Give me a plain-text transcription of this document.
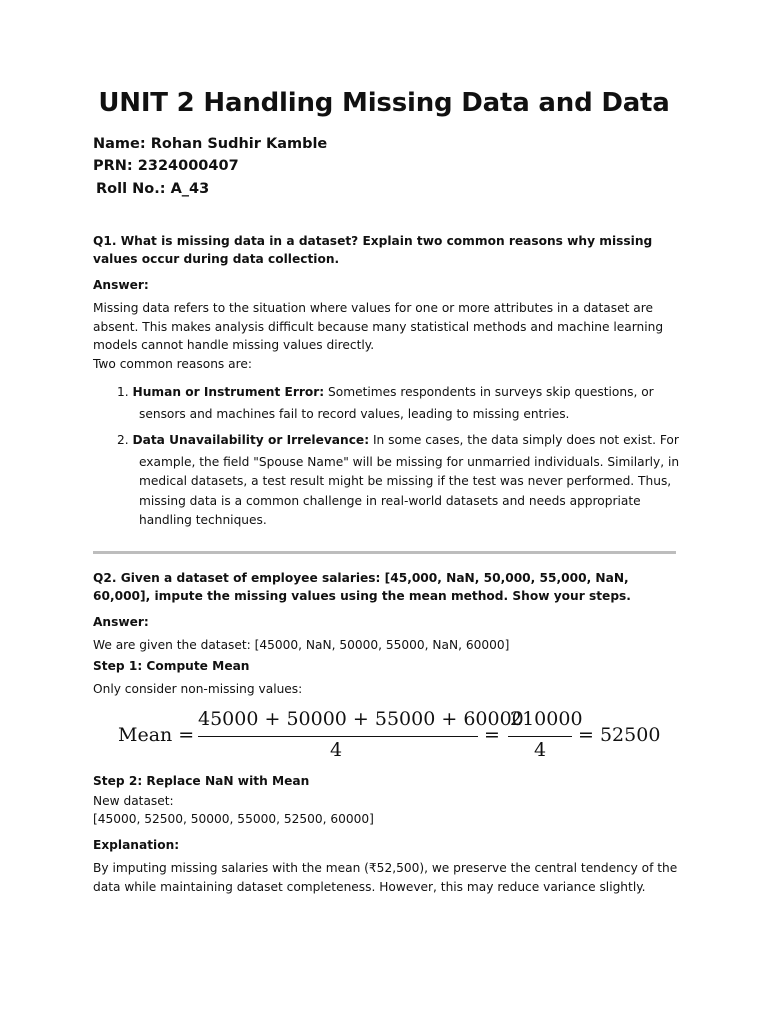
UNIT 2 Handling Missing Data and Data

Name: Rohan Sudhir Kamble

PRN: 2324000407

Roll No.: A_43

Q1. What is missing data in a dataset? Explain two common reasons why missing values occur during data collection.

Answer:

Missing data refers to the situation where values for one or more attributes in a dataset are absent. This makes analysis difficult because many statistical methods and machine learning models cannot handle missing values directly.

Two common reasons are:

1. Human or Instrument Error: Sometimes respondents in surveys skip questions, or
sensors and machines fail to record values, leading to missing entries.
2. Data Unavailability or Irrelevance: In some cases, the data simply does not exist. For
example, the field "Spouse Name" will be missing for unmarried individuals. Similarly, in medical datasets, a test result might be missing if the test was never performed. Thus, missing data is a common challenge in real-world datasets and needs appropriate handling techniques.

Q2. Given a dataset of employee salaries: [45,000, NaN, 50,000, 55,000, NaN, 60,000], impute the missing values using the mean method. Show your steps.

Answer:

We are given the dataset: [45000, NaN, 50000, 55000, NaN, 60000]

Step 1: Compute Mean

Only consider non-missing values:

Mean =
45000 + 50000 + 55000 + 60000
4
=
210000
4
= 52500

Step 2: Replace NaN with Mean

New dataset:

[45000, 52500, 50000, 55000, 52500, 60000]

Explanation:

By imputing missing salaries with the mean (₹52,500), we preserve the central tendency of the data while maintaining dataset completeness. However, this may reduce variance slightly.
